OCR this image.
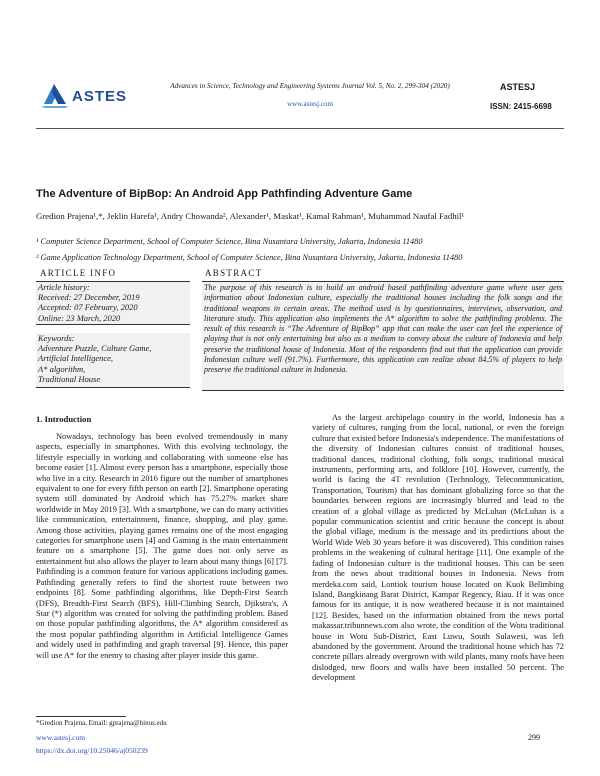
ASTES
Advances in Science, Technology and Engineering Systems Journal Vol. 5, No. 2, 299-304 (2020)
www.astesj.com
ASTESJ
ISSN: 2415-6698
The Adventure of BipBop: An Android App Pathfinding Adventure Game
Gredion Prajena¹,*, Jeklin Harefa¹, Andry Chowanda², Alexander¹, Maskat¹, Kamal Rahman¹, Muhammad Naufal Fadhil¹
¹ Computer Science Department, School of Computer Science, Bina Nusantara University, Jakarta, Indonesia 11480
² Game Application Technology Department, School of Computer Science, Bina Nusantara University, Jakarta, Indonesia 11480
ARTICLE INFO
Article history:
Received: 27 December, 2019
Accepted: 07 February, 2020
Online: 23 March, 2020
Keywords:
Adventure Puzzle, Culture Game,
Artificial Intelligence,
A* algorithm,
Traditional House
ABSTRACT

The purpose of this research is to build an android based pathfinding adventure game where user gets information about Indonesian culture, especially the traditional houses including the folk songs and the traditional weapons in certain areas. The method used is by questionnaires, interviews, observation, and literature study. This application also implements the A* algorithm to solve the pathfinding problems. The result of this research is “The Adventure of BipBop” app that can make the user can feel the experience of playing that is not only entertaining but also as a medium to convey about the culture of Indonesia and help preserve the traditional house of Indonesia. Most of the respondents find out that the application can provide Indonesian culture well (91.7%). Furthermore, this application can realize about 84.5% of players to help preserve the traditional culture in Indonesia.

1. Introduction

Nowadays, technology has been evolved tremendously in many aspects, especially in smartphones. With this evolving technology, the lifestyle especially in working and collaborating with someone else has become easier [1]. Almost every person has a smartphone, especially those who live in a city. Research in 2016 figure out the number of smartphones equivalent to one for every fifth person on earth [2]. Smartphone operating system still dominated by Android which has 75.27% market share worldwide in May 2019 [3]. With a smartphone, we can do many activities like communication, entertainment, finance, shopping, and play game. Among those activities, playing games remains one of the most engaging categories for smartphone users [4] and Gaming is the main entertainment feature on a smartphone [5]. The game does not only serve as entertainment but also allows the player to learn about many things [6] [7]. Pathfinding is a common feature for various applications including games. Pathfinding generally refers to find the shortest route between two endpoints [8]. Some pathfinding algorithms, like Depth-First Search (DFS), Breadth-First Search (BFS), Hill-Climbing Search, Djikstra's, A Star (*) algorithm was created for solving the pathfinding problem. Based on those popular pathfinding algorithms, the A* algorithm considered as the most popular pathfinding algorithm in Artificial Intelligence Games and widely used in pathfinding and graph traversal [9]. Hence, this paper will use A* for the enemy to chasing after player inside this game.

As the largest archipelago country in the world, Indonesia has a variety of cultures, ranging from the local, national, or even the foreign culture that existed before Indonesia's independence. The manifestations of the diversity of Indonesian cultures consist of traditional houses, traditional dances, traditional clothing, folk songs, traditional musical instruments, performing arts, and folklore [10]. However, currently, the world is facing the 4T revolution (Technology, Telecommunication, Transportation, Tourism) that has dominant globalizing force so that the boundaries between regions are increasingly blurred and lead to the creation of a global village as predicted by McLuhan (McLuhan is a popular communication scientist and critic because the concept is about the global village, medium is the message and its predictions about the World Wide Web 30 years before it was discovered). This condition raises problems in the weakening of cultural heritage [11]. One example of the fading of Indonesian culture is the traditional houses. This can be seen from the news about traditional houses in Indonesia. News from merdeka.com said, Lontiok tourism house located on Kuok Belimbing Island, Bangkinang Barat District, Kampar Regency, Riau. If it was once famous for its antique, it is now weathered because it is not maintained [12]. Besides, based on the information obtained from the news portal makassar.tribunnews.com also wrote, the condition of the Wotu traditional house in Wotu Sub-District, East Luwu, South Sulawesi, was left abandoned by the government. Around the traditional house which has 72 concrete pillars already overgrown with wild plants, many roofs have been dislodged, new floors and walls have been installed 50 percent. The development

*Gredion Prajena, Email: gprajena@binus.edu
www.astesj.com
https://dx.doi.org/10.25046/aj050239
299
